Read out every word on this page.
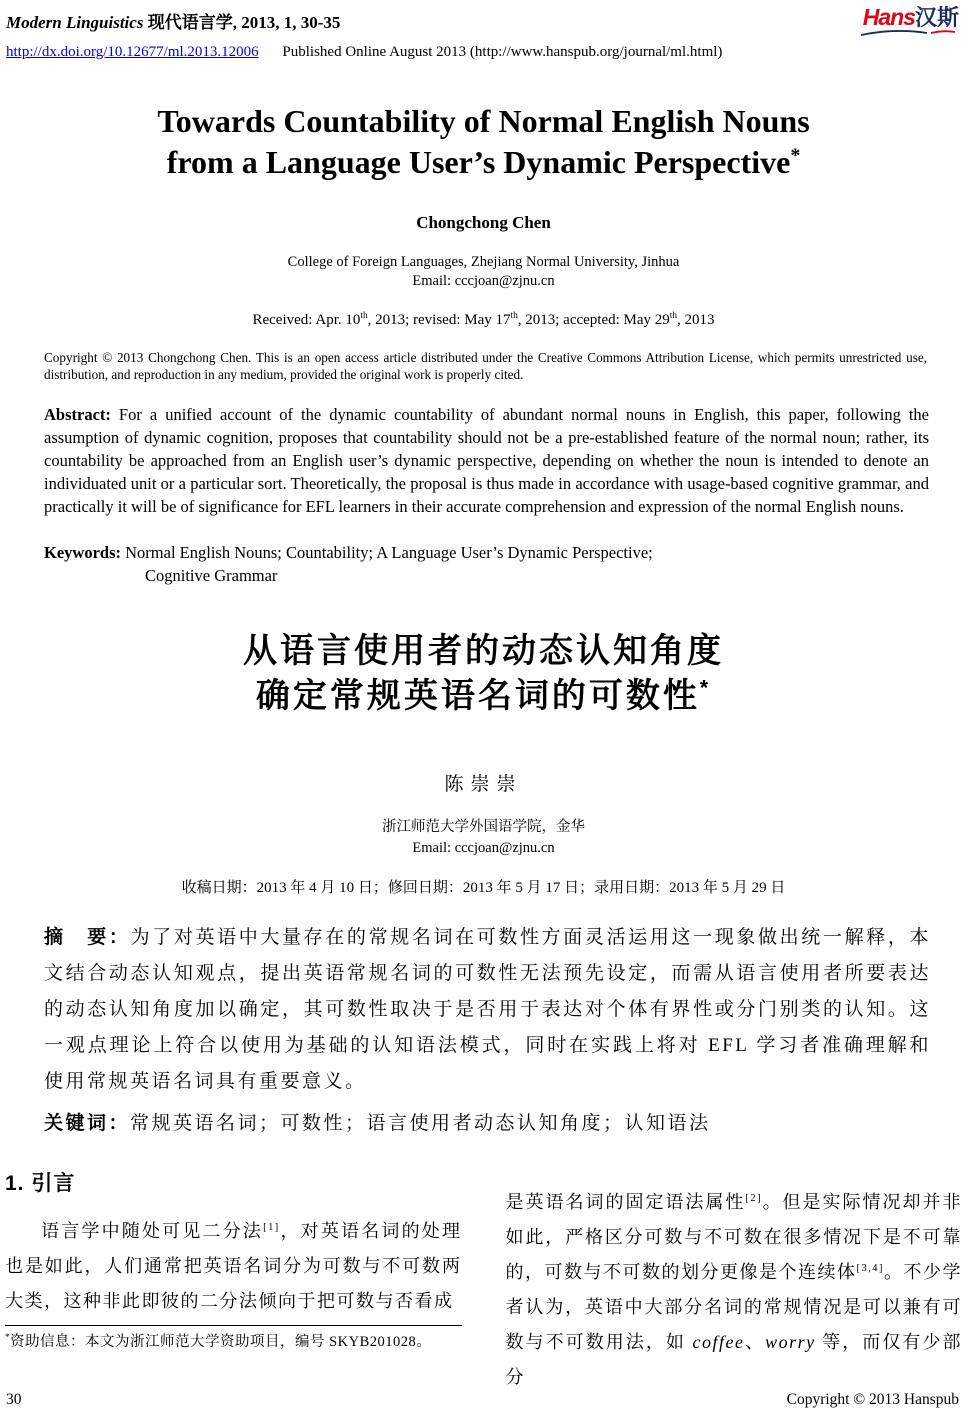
Modern Linguistics 现代语言学, 2013, 1, 30-35	Hans汉斯
http://dx.doi.org/10.12677/ml.2013.12006 Published Online August 2013 (http://www.hanspub.org/journal/ml.html)
Towards Countability of Normal English Nouns
from a Language User’s Dynamic Perspective*
Chongchong Chen
College of Foreign Languages, Zhejiang Normal University, Jinhua
Email: cccjoan@zjnu.cn
Received: Apr. 10th, 2013; revised: May 17th, 2013; accepted: May 29th, 2013
Copyright © 2013 Chongchong Chen. This is an open access article distributed under the Creative Commons Attribution License, which permits unrestricted use, distribution, and reproduction in any medium, provided the original work is properly cited.

Abstract: For a unified account of the dynamic countability of abundant normal nouns in English, this paper, following the assumption of dynamic cognition, proposes that countability should not be a pre-established feature of the normal noun; rather, its countability be approached from an English user’s dynamic perspective, depending on whether the noun is intended to denote an individuated unit or a particular sort. Theoretically, the proposal is thus made in accordance with usage-based cognitive grammar, and practically it will be of significance for EFL learners in their accurate comprehension and expression of the normal English nouns.

Keywords: Normal English Nouns; Countability; A Language User’s Dynamic Perspective;
Cognitive Grammar

从语言使用者的动态认知角度
确定常规英语名词的可数性*
陈崇崇
浙江师范大学外国语学院，金华
Email: cccjoan@zjnu.cn
收稿日期：2013 年 4 月 10 日；修回日期：2013 年 5 月 17 日；录用日期：2013 年 5 月 29 日

摘　要：为了对英语中大量存在的常规名词在可数性方面灵活运用这一现象做出统一解释，本文结合动态认知观点，提出英语常规名词的可数性无法预先设定，而需从语言使用者所要表达的动态认知角度加以确定，其可数性取决于是否用于表达对个体有界性或分门别类的认知。这一观点理论上符合以使用为基础的认知语法模式，同时在实践上将对 EFL 学习者准确理解和使用常规英语名词具有重要意义。

关键词：常规英语名词；可数性；语言使用者动态认知角度；认知语法

1. 引言

语言学中随处可见二分法[1]，对英语名词的处理也是如此，人们通常把英语名词分为可数与不可数两大类，这种非此即彼的二分法倾向于把可数与否看成

*资助信息：本文为浙江师范大学资助项目，编号 SKYB201028。

是英语名词的固定语法属性[2]。但是实际情况却并非如此，严格区分可数与不可数在很多情况下是不可靠的，可数与不可数的划分更像是个连续体[3,4]。不少学者认为，英语中大部分名词的常规情况是可以兼有可数与不可数用法，如 coffee、worry 等，而仅有少部分

30	Copyright © 2013 Hanspub
